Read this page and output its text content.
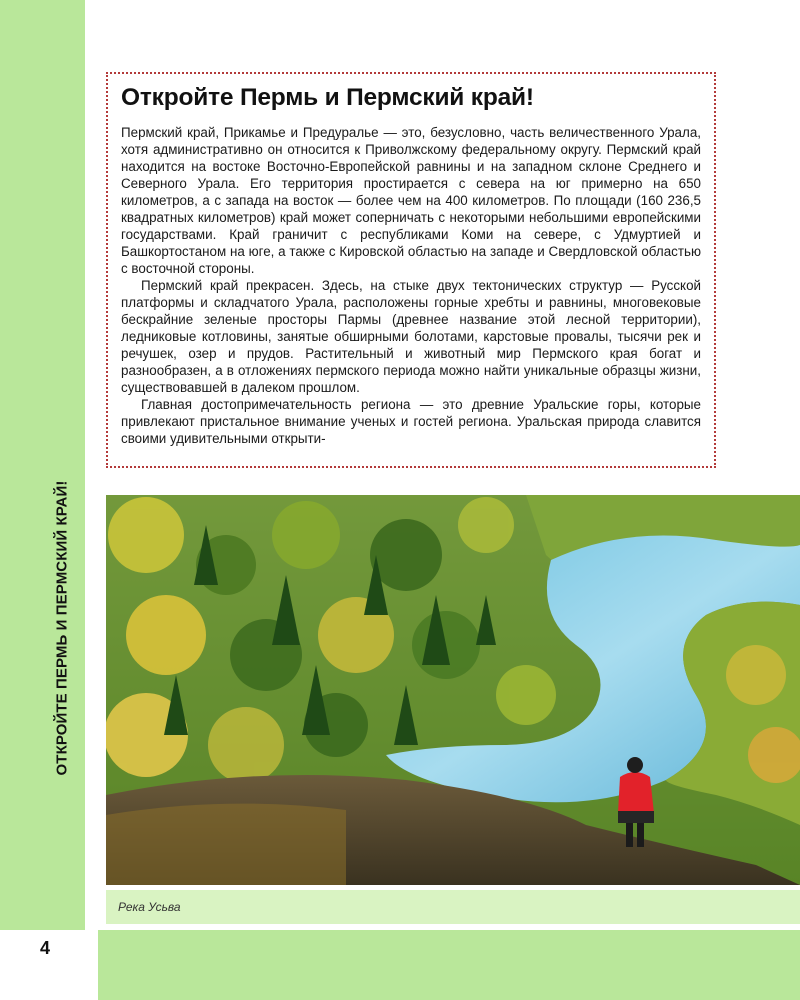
ОТКРОЙТЕ ПЕРМЬ И ПЕРМСКИЙ КРАЙ!
Откройте Пермь и Пермский край!

Пермский край, Прикамье и Предуралье — это, безусловно, часть величественного Урала, хотя административно он относится к Приволжскому федеральному округу. Пермский край находится на востоке Восточно-Европейской равнины и на западном склоне Среднего и Северного Урала. Его территория простирается с севера на юг примерно на 650 километров, а с запада на восток — более чем на 400 километров. По площади (160 236,5 квадратных километров) край может соперничать с некоторыми небольшими европейскими государствами. Край граничит с республиками Коми на севере, с Удмуртией и Башкортостаном на юге, а также с Кировской областью на западе и Свердловской областью с восточной стороны.

Пермский край прекрасен. Здесь, на стыке двух тектонических структур — Русской платформы и складчатого Урала, расположены горные хребты и равнины, многовековые бескрайние зеленые просторы Пармы (древнее название этой лесной территории), ледниковые котловины, занятые обширными болотами, карстовые провалы, тысячи рек и речушек, озер и прудов. Растительный и животный мир Пермского края богат и разнообразен, а в отложениях пермского периода можно найти уникальные образцы жизни, существовавшей в далеком прошлом.

Главная достопримечательность региона — это древние Уральские горы, которые привлекают пристальное внимание ученых и гостей региона. Уральская природа славится своими удивительными открыти-

Река Усьва
4
